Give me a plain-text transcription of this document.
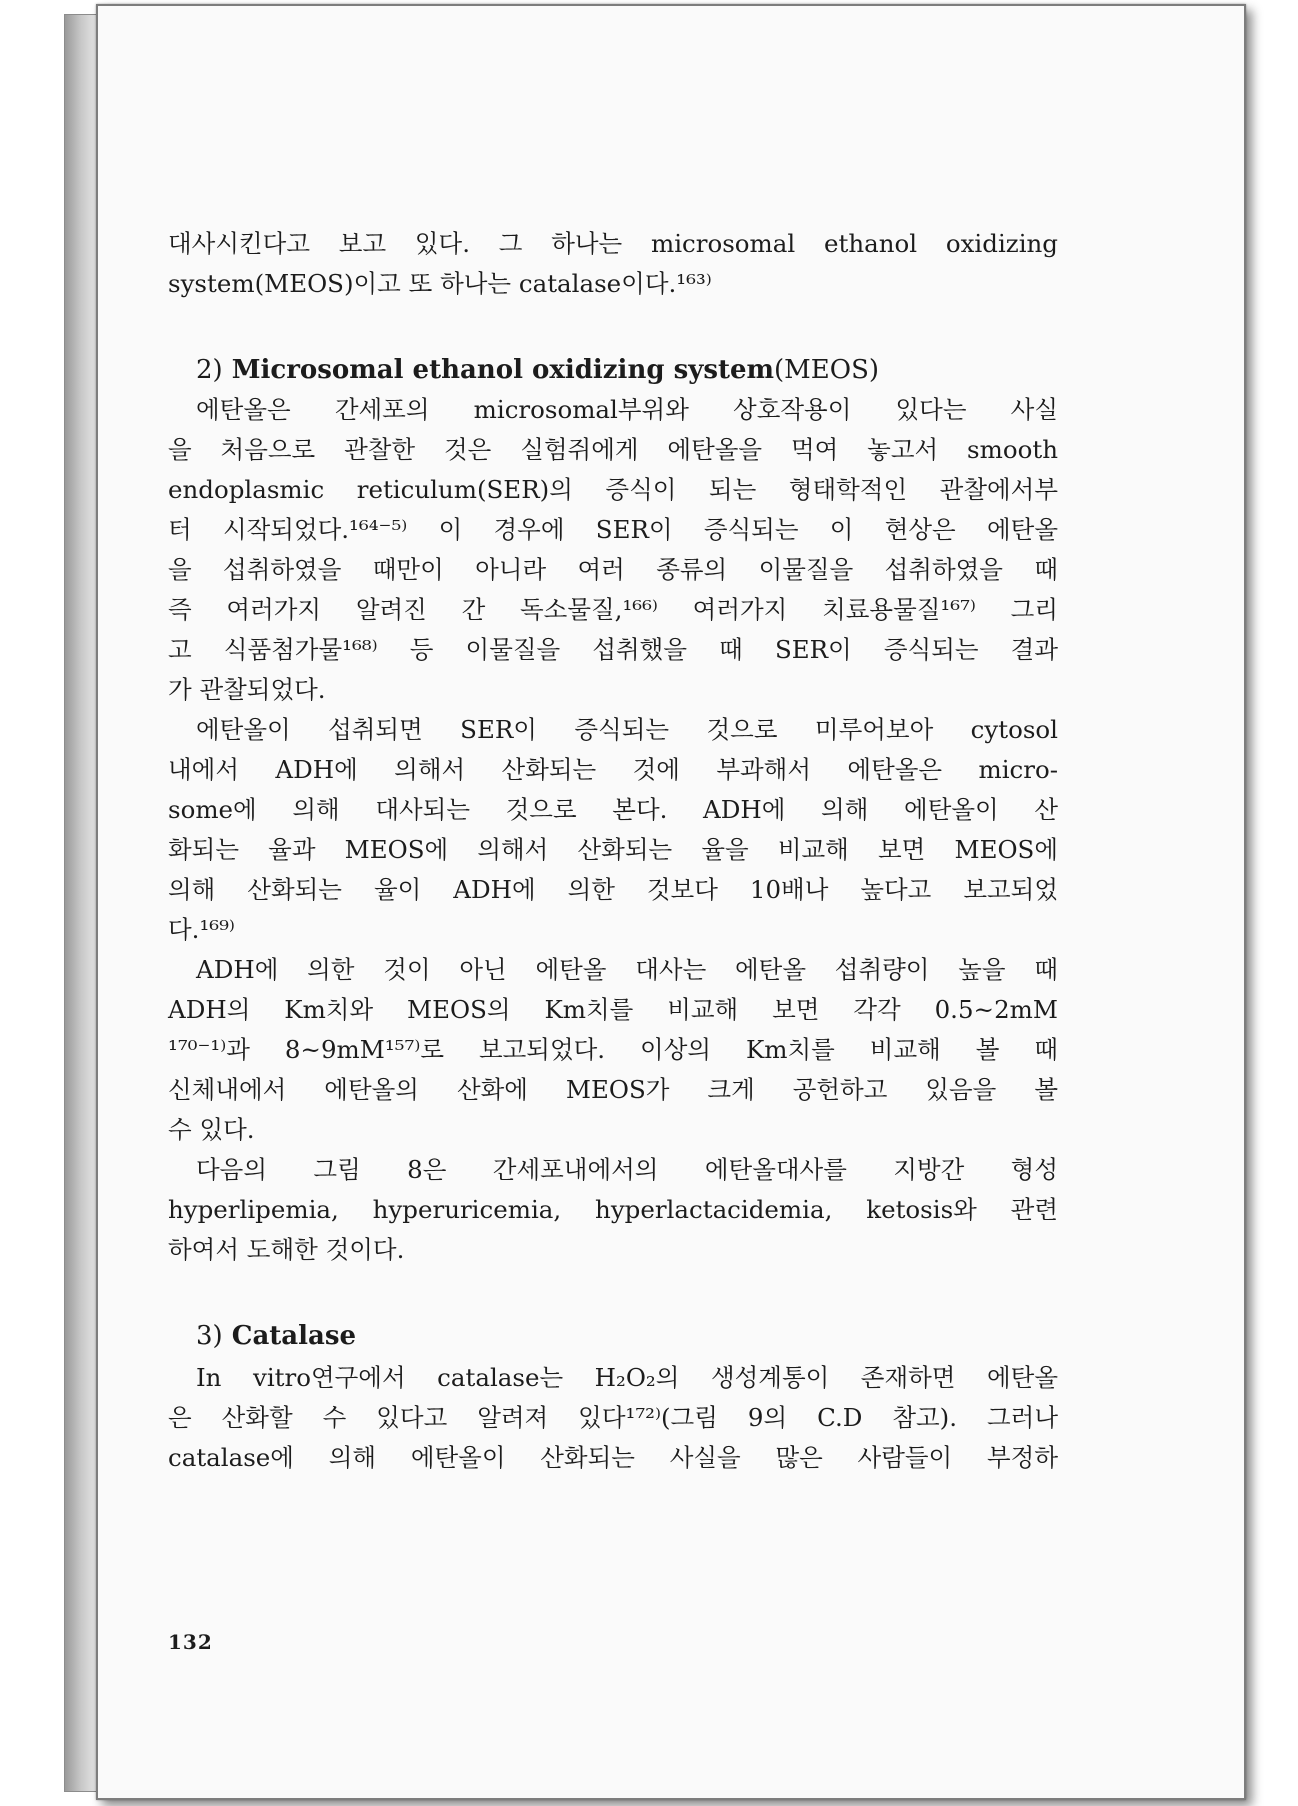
대사시킨다고 보고 있다. 그 하나는 microsomal ethanol oxidizing
system(MEOS)이고 또 하나는 catalase이다.¹⁶³⁾
2) Microsomal ethanol oxidizing system(MEOS)
에탄올은 간세포의 microsomal부위와 상호작용이 있다는 사실
을 처음으로 관찰한 것은 실험쥐에게 에탄올을 먹여 놓고서 smooth
endoplasmic reticulum(SER)의 증식이 되는 형태학적인 관찰에서부
터 시작되었다.¹⁶⁴⁻⁵⁾ 이 경우에 SER이 증식되는 이 현상은 에탄올
을 섭취하였을 때만이 아니라 여러 종류의 이물질을 섭취하였을 때
즉 여러가지 알려진 간 독소물질,¹⁶⁶⁾ 여러가지 치료용물질¹⁶⁷⁾ 그리
고 식품첨가물¹⁶⁸⁾ 등 이물질을 섭취했을 때 SER이 증식되는 결과
가 관찰되었다.
에탄올이 섭취되면 SER이 증식되는 것으로 미루어보아 cytosol
내에서 ADH에 의해서 산화되는 것에 부과해서 에탄올은 micro-
some에 의해 대사되는 것으로 본다. ADH에 의해 에탄올이 산
화되는 율과 MEOS에 의해서 산화되는 율을 비교해 보면 MEOS에
의해 산화되는 율이 ADH에 의한 것보다 10배나 높다고 보고되었
다.¹⁶⁹⁾
ADH에 의한 것이 아닌 에탄올 대사는 에탄올 섭취량이 높을 때
ADH의 Km치와 MEOS의 Km치를 비교해 보면 각각 0.5~2mM
¹⁷⁰⁻¹⁾과 8~9mM¹⁵⁷⁾로 보고되었다. 이상의 Km치를 비교해 볼 때
신체내에서 에탄올의 산화에 MEOS가 크게 공헌하고 있음을 볼
수 있다.
다음의 그림 8은 간세포내에서의 에탄올대사를 지방간 형성
hyperlipemia, hyperuricemia, hyperlactacidemia, ketosis와 관련
하여서 도해한 것이다.
3) Catalase
In vitro연구에서 catalase는 H₂O₂의 생성계통이 존재하면 에탄올
은 산화할 수 있다고 알려져 있다¹⁷²⁾(그림 9의 C.D 참고). 그러나
catalase에 의해 에탄올이 산화되는 사실을 많은 사람들이 부정하
132
